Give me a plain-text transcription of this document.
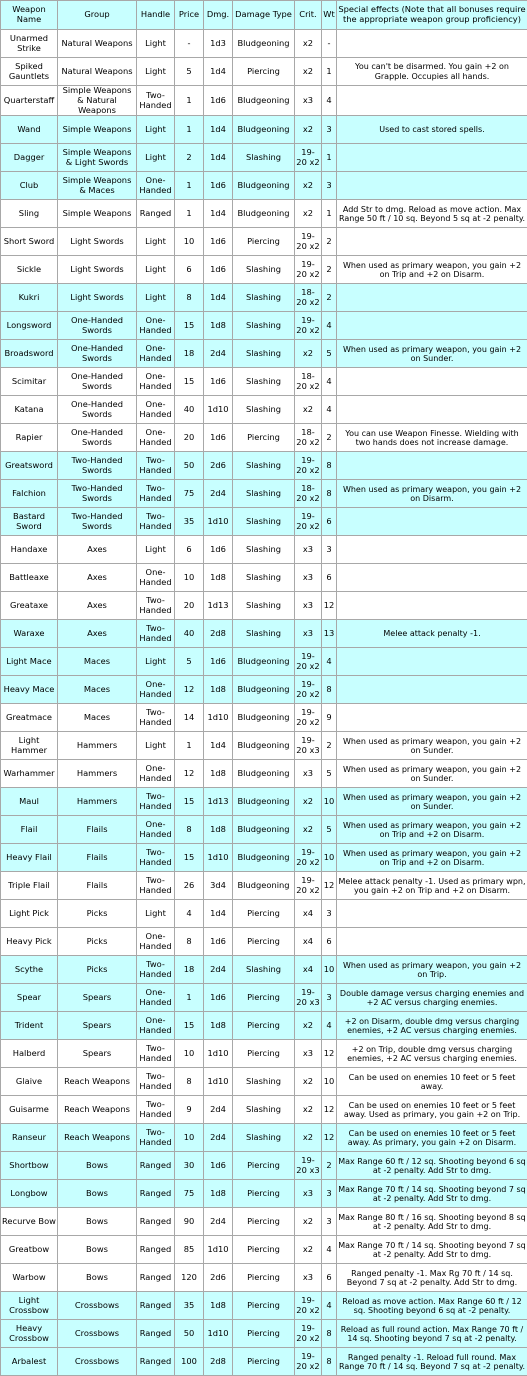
Weapon Name	Group	Handle	Price	Dmg.	Damage Type	Crit.	Wt	Special effects (Note that all bonuses require the appropriate weapon group proficiency)
Unarmed Strike	Natural Weapons	Light	-	1d3	Bludgeoning	x2	-	
Spiked Gauntlets	Natural Weapons	Light	5	1d4	Piercing	x2	1	You can't be disarmed. You gain +2 on Grapple. Occupies all hands.
Quarterstaff	Simple Weapons & Natural Weapons	Two-Handed	1	1d6	Bludgeoning	x3	4	
Wand	Simple Weapons	Light	1	1d4	Bludgeoning	x2	3	Used to cast stored spells.
Dagger	Simple Weapons & Light Swords	Light	2	1d4	Slashing	19-20 x2	1	
Club	Simple Weapons & Maces	One-Handed	1	1d6	Bludgeoning	x2	3	
Sling	Simple Weapons	Ranged	1	1d4	Bludgeoning	x2	1	Add Str to dmg. Reload as move action. Max Range 50 ft / 10 sq. Beyond 5 sq at -2 penalty.
Short Sword	Light Swords	Light	10	1d6	Piercing	19-20 x2	2	
Sickle	Light Swords	Light	6	1d6	Slashing	19-20 x2	2	When used as primary weapon, you gain +2 on Trip and +2 on Disarm.
Kukri	Light Swords	Light	8	1d4	Slashing	18-20 x2	2	
Longsword	One-Handed Swords	One-Handed	15	1d8	Slashing	19-20 x2	4	
Broadsword	One-Handed Swords	One-Handed	18	2d4	Slashing	x2	5	When used as primary weapon, you gain +2 on Sunder.
Scimitar	One-Handed Swords	One-Handed	15	1d6	Slashing	18-20 x2	4	
Katana	One-Handed Swords	One-Handed	40	1d10	Slashing	x2	4	
Rapier	One-Handed Swords	One-Handed	20	1d6	Piercing	18-20 x2	2	You can use Weapon Finesse. Wielding with two hands does not increase damage.
Greatsword	Two-Handed Swords	Two-Handed	50	2d6	Slashing	19-20 x2	8	
Falchion	Two-Handed Swords	Two-Handed	75	2d4	Slashing	18-20 x2	8	When used as primary weapon, you gain +2 on Disarm.
Bastard Sword	Two-Handed Swords	Two-Handed	35	1d10	Slashing	19-20 x2	6	
Handaxe	Axes	Light	6	1d6	Slashing	x3	3	
Battleaxe	Axes	One-Handed	10	1d8	Slashing	x3	6	
Greataxe	Axes	Two-Handed	20	1d13	Slashing	x3	12	
Waraxe	Axes	Two-Handed	40	2d8	Slashing	x3	13	Melee attack penalty -1.
Light Mace	Maces	Light	5	1d6	Bludgeoning	19-20 x2	4	
Heavy Mace	Maces	One-Handed	12	1d8	Bludgeoning	19-20 x2	8	
Greatmace	Maces	Two-Handed	14	1d10	Bludgeoning	19-20 x2	9	
Light Hammer	Hammers	Light	1	1d4	Bludgeoning	19-20 x3	2	When used as primary weapon, you gain +2 on Sunder.
Warhammer	Hammers	One-Handed	12	1d8	Bludgeoning	x3	5	When used as primary weapon, you gain +2 on Sunder.
Maul	Hammers	Two-Handed	15	1d13	Bludgeoning	x2	10	When used as primary weapon, you gain +2 on Sunder.
Flail	Flails	One-Handed	8	1d8	Bludgeoning	x2	5	When used as primary weapon, you gain +2 on Trip and +2 on Disarm.
Heavy Flail	Flails	Two-Handed	15	1d10	Bludgeoning	19-20 x2	10	When used as primary weapon, you gain +2 on Trip and +2 on Disarm.
Triple Flail	Flails	Two-Handed	26	3d4	Bludgeoning	19-20 x2	12	Melee attack penalty -1. Used as primary wpn, you gain +2 on Trip and +2 on Disarm.
Light Pick	Picks	Light	4	1d4	Piercing	x4	3	
Heavy Pick	Picks	One-Handed	8	1d6	Piercing	x4	6	
Scythe	Picks	Two-Handed	18	2d4	Slashing	x4	10	When used as primary weapon, you gain +2 on Trip.
Spear	Spears	One-Handed	1	1d6	Piercing	19-20 x3	3	Double damage versus charging enemies and +2 AC versus charging enemies.
Trident	Spears	One-Handed	15	1d8	Piercing	x2	4	+2 on Disarm, double dmg versus charging enemies, +2 AC versus charging enemies.
Halberd	Spears	Two-Handed	10	1d10	Piercing	x3	12	+2 on Trip, double dmg versus charging enemies, +2 AC versus charging enemies.
Glaive	Reach Weapons	Two-Handed	8	1d10	Slashing	x2	10	Can be used on enemies 10 feet or 5 feet away.
Guisarme	Reach Weapons	Two-Handed	9	2d4	Slashing	x2	12	Can be used on enemies 10 feet or 5 feet away. Used as primary, you gain +2 on Trip.
Ranseur	Reach Weapons	Two-Handed	10	2d4	Slashing	x2	12	Can be used on enemies 10 feet or 5 feet away. As primary, you gain +2 on Disarm.
Shortbow	Bows	Ranged	30	1d6	Piercing	19-20 x3	2	Max Range 60 ft / 12 sq. Shooting beyond 6 sq at -2 penalty. Add Str to dmg.
Longbow	Bows	Ranged	75	1d8	Piercing	x3	3	Max Range 70 ft / 14 sq. Shooting beyond 7 sq at -2 penalty. Add Str to dmg.
Recurve Bow	Bows	Ranged	90	2d4	Piercing	x2	3	Max Range 80 ft / 16 sq. Shooting beyond 8 sq at -2 penalty. Add Str to dmg.
Greatbow	Bows	Ranged	85	1d10	Piercing	x2	4	Max Range 70 ft / 14 sq. Shooting beyond 7 sq at -2 penalty. Add Str to dmg.
Warbow	Bows	Ranged	120	2d6	Piercing	x3	6	Ranged penalty -1. Max Rg 70 ft / 14 sq. Beyond 7 sq at -2 penalty. Add Str to dmg.
Light Crossbow	Crossbows	Ranged	35	1d8	Piercing	19-20 x2	4	Reload as move action. Max Range 60 ft / 12 sq. Shooting beyond 6 sq at -2 penalty.
Heavy Crossbow	Crossbows	Ranged	50	1d10	Piercing	19-20 x2	8	Reload as full round action. Max Range 70 ft / 14 sq. Shooting beyond 7 sq at -2 penalty.
Arbalest	Crossbows	Ranged	100	2d8	Piercing	19-20 x2	8	Ranged penalty -1. Reload full round. Max Range 70 ft / 14 sq. Beyond 7 sq at -2 penalty.
